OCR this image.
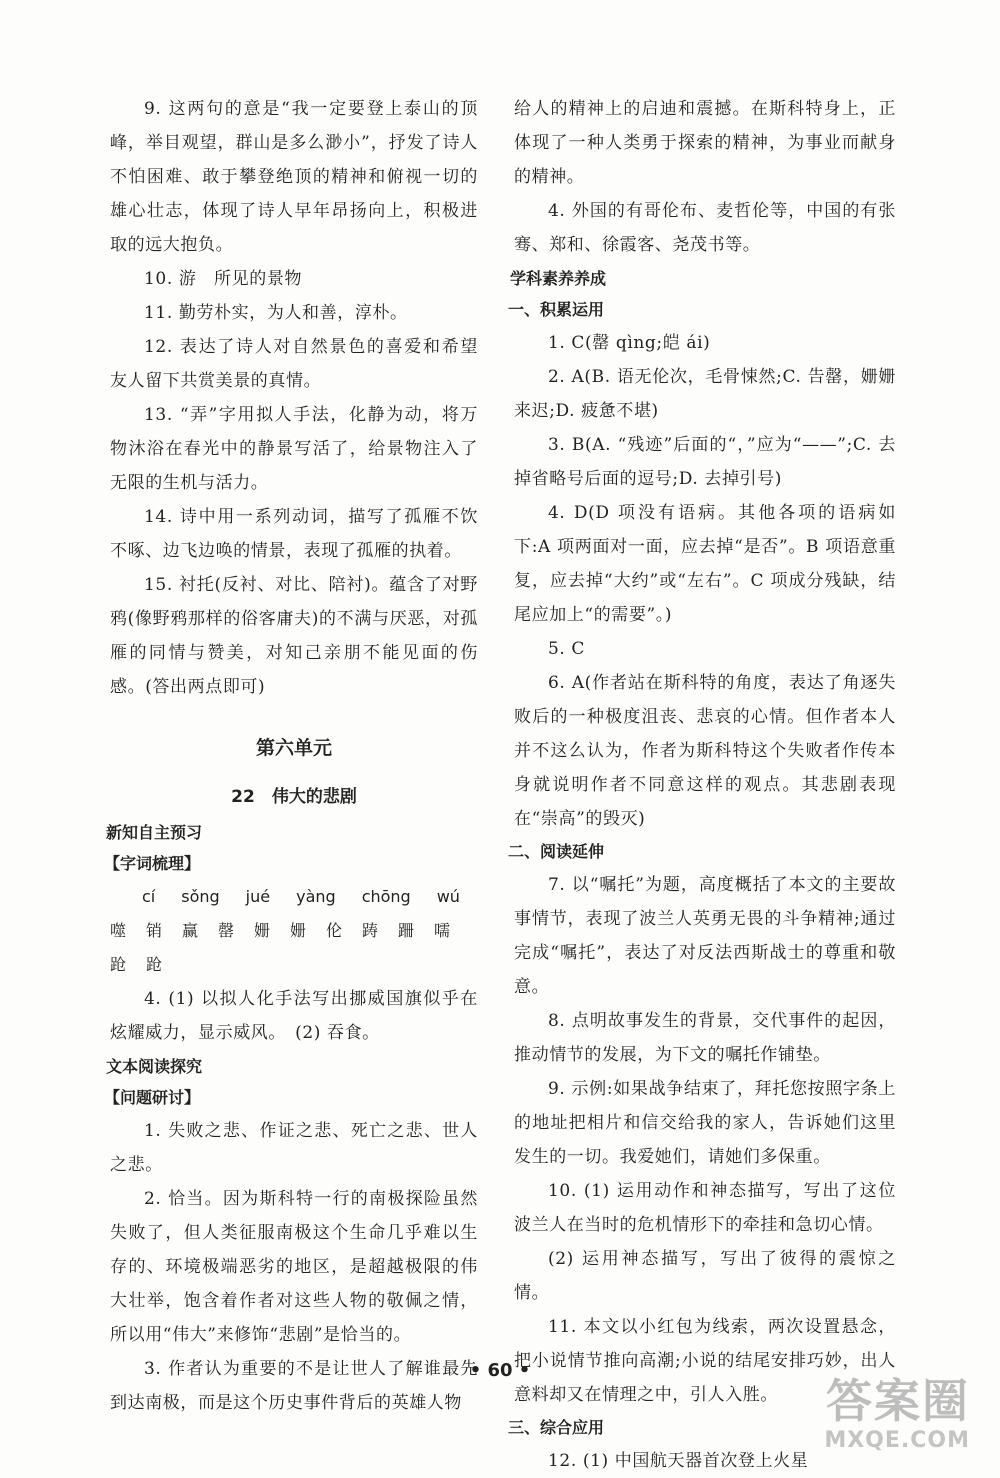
9. 这两句的意是“我一定要登上泰山的顶峰，举目观望，群山是多么渺小”，抒发了诗人不怕困难、敢于攀登绝顶的精神和俯视一切的雄心壮志，体现了诗人早年昂扬向上，积极进取的远大抱负。

10. 游　所见的景物

11. 勤劳朴实，为人和善，淳朴。

12. 表达了诗人对自然景色的喜爱和希望友人留下共赏美景的真情。

13. “弄”字用拟人手法，化静为动，将万物沐浴在春光中的静景写活了，给景物注入了无限的生机与活力。

14. 诗中用一系列动词，描写了孤雁不饮不啄、边飞边唤的情景，表现了孤雁的执着。

15. 衬托(反衬、对比、陪衬)。蕴含了对野鸦(像野鸦那样的俗客庸夫)的不满与厌恶，对孤雁的同情与赞美，对知己亲朋不能见面的伤感。(答出两点即可)

第六单元
22　伟大的悲剧
新知自主预习
【字词梳理】
cí sǒng jué yàng chōng wú
噬	销	赢	罄	姗	姗	伦	踌	跚	嚅
跄	跄

4. (1) 以拟人化手法写出挪威国旗似乎在炫耀威力，显示威风。　(2) 吞食。

文本阅读探究
【问题研讨】

1. 失败之悲、作证之悲、死亡之悲、世人之悲。

2. 恰当。因为斯科特一行的南极探险虽然失败了，但人类征服南极这个生命几乎难以生存的、环境极端恶劣的地区，是超越极限的伟大壮举，饱含着作者对这些人物的敬佩之情，所以用“伟大”来修饰“悲剧”是恰当的。

3. 作者认为重要的不是让世人了解谁最先到达南极，而是这个历史事件背后的英雄人物

给人的精神上的启迪和震撼。在斯科特身上，正体现了一种人类勇于探索的精神，为事业而献身的精神。

4. 外国的有哥伦布、麦哲伦等，中国的有张骞、郑和、徐霞客、尧茂书等。

学科素养养成
一、积累运用

1. C(罄 qìng;皑 ái)

2. A(B. 语无伦次，毛骨悚然;C. 告罄，姗姗来迟;D. 疲惫不堪)

3. B(A. “残迹”后面的“，”应为“——”;C. 去掉省略号后面的逗号;D. 去掉引号)

4. D(D 项没有语病。其他各项的语病如下:A 项两面对一面，应去掉“是否”。B 项语意重复，应去掉“大约”或“左右”。C 项成分残缺，结尾应加上“的需要”。)

5. C

6. A(作者站在斯科特的角度，表达了角逐失败后的一种极度沮丧、悲哀的心情。但作者本人并不这么认为，作者为斯科特这个失败者作传本身就说明作者不同意这样的观点。其悲剧表现在“崇高”的毁灭)

二、阅读延伸

7. 以“嘱托”为题，高度概括了本文的主要故事情节，表现了波兰人英勇无畏的斗争精神;通过完成“嘱托”，表达了对反法西斯战士的尊重和敬意。

8. 点明故事发生的背景，交代事件的起因，推动情节的发展，为下文的嘱托作铺垫。

9. 示例:如果战争结束了，拜托您按照字条上的地址把相片和信交给我的家人，告诉她们这里发生的一切。我爱她们，请她们多保重。

10. (1) 运用动作和神态描写，写出了这位波兰人在当时的危机情形下的牵挂和急切心情。

(2) 运用神态描写，写出了彼得的震惊之情。

11. 本文以小红包为线索，两次设置悬念，把小说情节推向高潮;小说的结尾安排巧妙，出人意料却又在情理之中，引人入胜。

三、综合应用

12. (1) 中国航天器首次登上火星

• 60 •
答案圈
MXQE.COM
